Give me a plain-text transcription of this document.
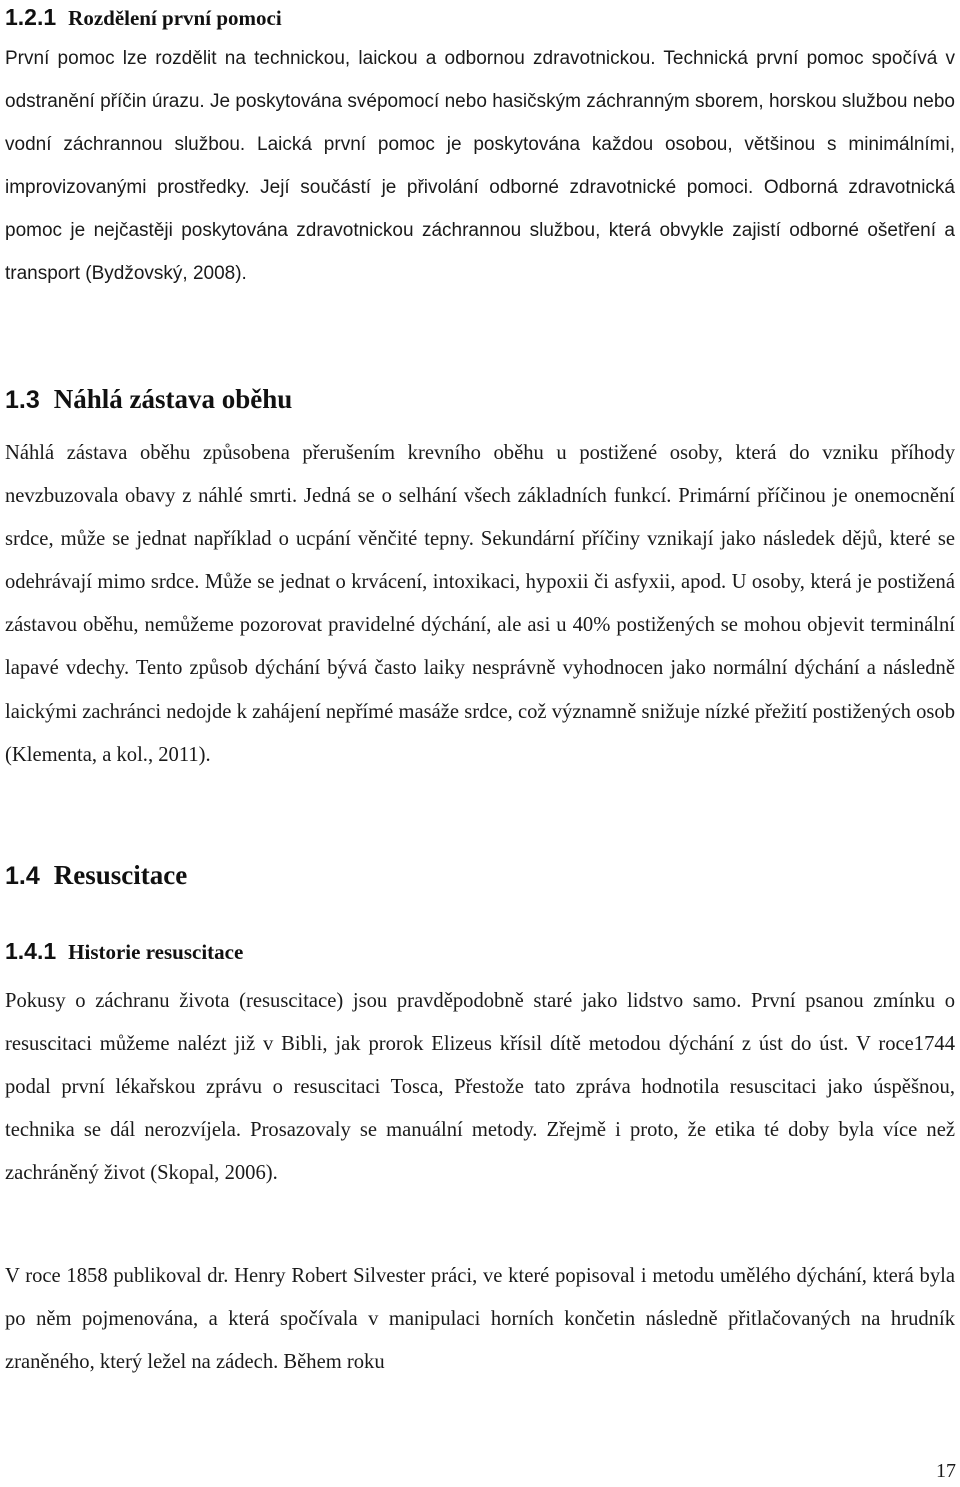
1.2.1 Rozdělení první pomoci

První pomoc lze rozdělit na technickou, laickou a odbornou zdravotnickou. Technická první pomoc spočívá v odstranění příčin úrazu. Je poskytována svépomocí nebo hasičským záchranným sborem, horskou službou nebo vodní záchrannou službou. Laická první pomoc je poskytována každou osobou, většinou s minimálními, improvizovanými prostředky. Její součástí je přivolání odborné zdravotnické pomoci. Odborná zdravotnická pomoc je nejčastěji poskytována zdravotnickou záchrannou službou, která obvykle zajistí odborné ošetření a transport (Bydžovský, 2008).

1.3 Náhlá zástava oběhu

Náhlá zástava oběhu způsobena přerušením krevního oběhu u postižené osoby, která do vzniku příhody nevzbuzovala obavy z náhlé smrti. Jedná se o selhání všech základních funkcí. Primární příčinou je onemocnění srdce, může se jednat například o ucpání věnčité tepny. Sekundární příčiny vznikají jako následek dějů, které se odehrávají mimo srdce. Může se jednat o krvácení, intoxikaci, hypoxii či asfyxii, apod. U osoby, která je postižená zástavou oběhu, nemůžeme pozorovat pravidelné dýchání, ale asi u 40% postižených se mohou objevit terminální lapavé vdechy. Tento způsob dýchání bývá často laiky nesprávně vyhodnocen jako normální dýchání a následně laickými zachránci nedojde k zahájení nepřímé masáže srdce, což významně snižuje nízké přežití postižených osob (Klementa, a kol., 2011).

1.4 Resuscitace
1.4.1 Historie resuscitace

Pokusy o záchranu života (resuscitace) jsou pravděpodobně staré jako lidstvo samo. První psanou zmínku o resuscitaci můžeme nalézt již v Bibli, jak prorok Elizeus křísil dítě metodou dýchání z úst do úst. V roce1744 podal první lékařskou zprávu o resuscitaci Tosca, Přestože tato zpráva hodnotila resuscitaci jako úspěšnou, technika se dál nerozvíjela. Prosazovaly se manuální metody. Zřejmě i proto, že etika té doby byla více než zachráněný život (Skopal, 2006).

V roce 1858 publikoval dr. Henry Robert Silvester práci, ve které popisoval i metodu umělého dýchání, která byla po něm pojmenována, a která spočívala v manipulaci horních končetin následně přitlačovaných na hrudník zraněného, který ležel na zádech. Během roku

17
